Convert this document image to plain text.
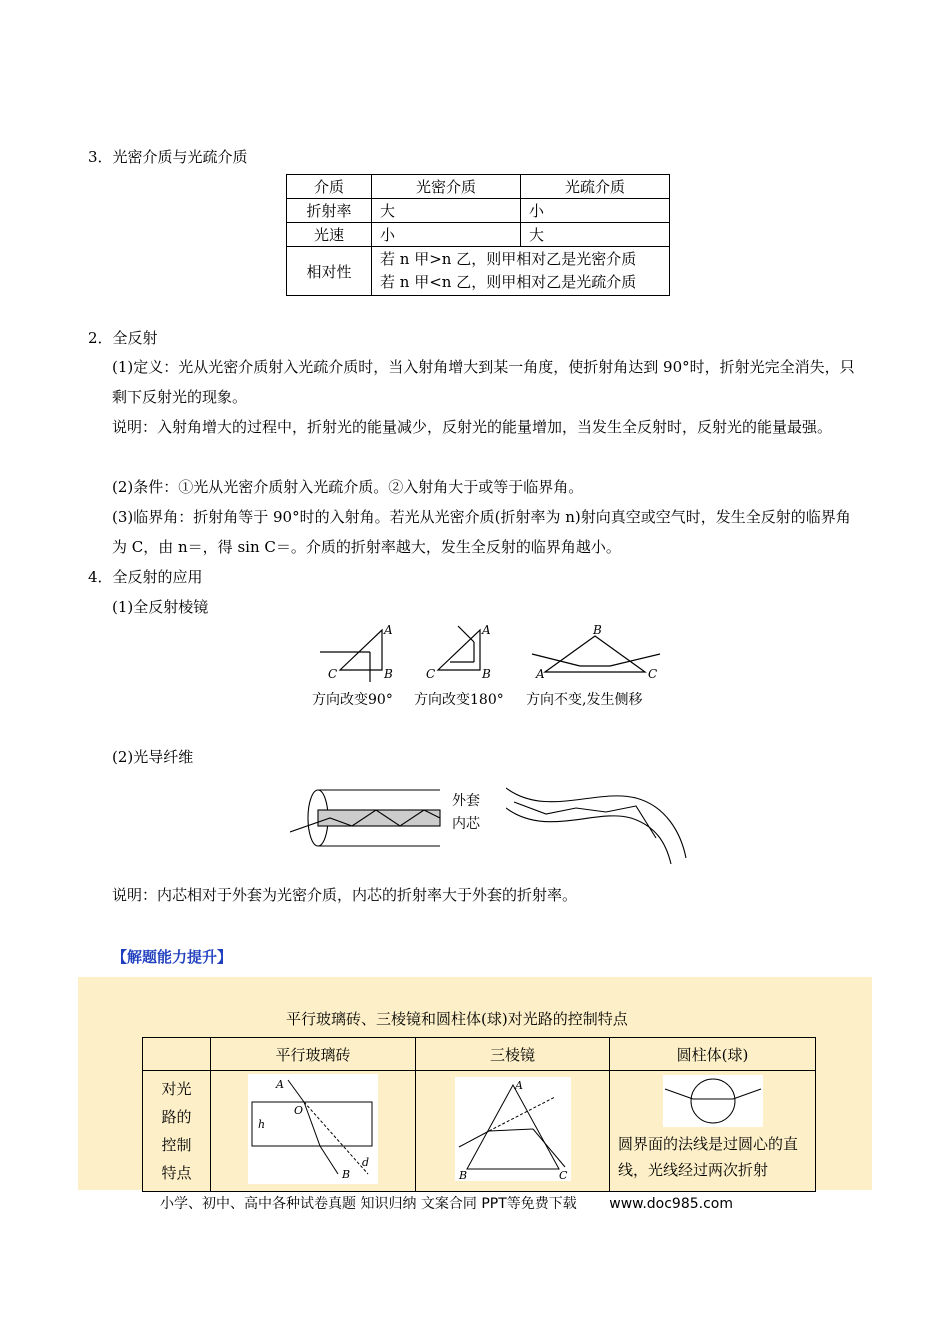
3．光密介质与光疏介质
介质	光密介质	光疏介质
折射率	大	小
光速	小	大
相对性	若 n 甲>n 乙，则甲相对乙是光密介质
若 n 甲<n 乙，则甲相对乙是光疏介质	
2．全反射
(1)定义：光从光密介质射入光疏介质时，当入射角增大到某一角度，使折射角达到 90°时，折射光完全消失，只剩下反射光的现象。
说明：入射角增大的过程中，折射光的能量减少，反射光的能量增加，当发生全反射时，反射光的能量最强。
(2)条件：①光从光密介质射入光疏介质。②入射角大于或等于临界角。
(3)临界角：折射角等于 90°时的入射角。若光从光密介质(折射率为 n)射向真空或空气时，发生全反射的临界角为 C，由 n＝，得 sin C＝。介质的折射率越大，发生全反射的临界角越小。
4．全反射的应用
(1)全反射棱镜
A
B
C
A
B
C
B
A	C
方向改变90° 方向改变180° 方向不变,发生侧移
(2)光导纤维
外套
内芯
说明：内芯相对于外套为光密介质，内芯的折射率大于外套的折射率。
【解题能力提升】
平行玻璃砖、三棱镜和圆柱体(球)对光路的控制特点
	平行玻璃砖	三棱镜	圆柱体(球)
对光路的控制特点	A
O
h
d
B	A
B C	圆界面的法线是过圆心的直线，光线经过两次折射
小学、初中、高中各种试卷真题 知识归纳 文案合同 PPT等免费下载 www.doc985.com
